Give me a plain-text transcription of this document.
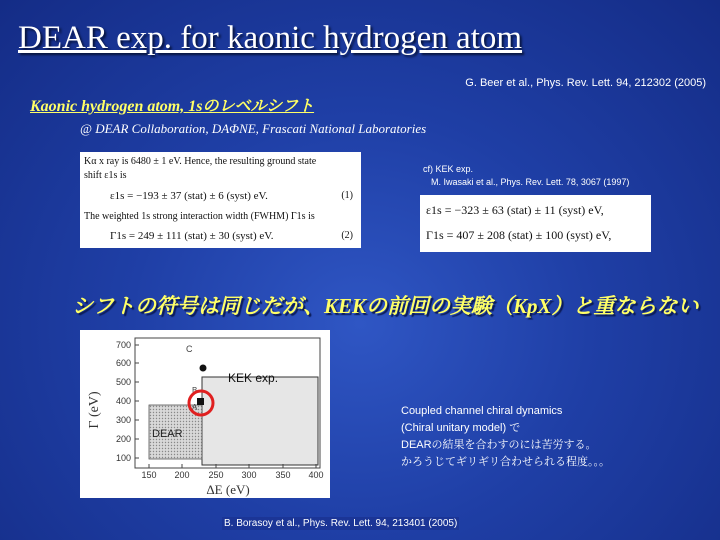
DEAR exp. for kaonic hydrogen atom
G. Beer et al., Phys. Rev. Lett. 94, 212302 (2005)
Kaonic hydrogen atom, 1sのレベルシフト
@ DEAR Collaboration, DAΦNE, Frascati National Laboratories
Kα x ray is 6480 ± 1 eV. Hence, the resulting ground state
shift ε1s is
ε1s = −193 ± 37 (stat) ± 6 (syst) eV.	(1)
The weighted 1s strong interaction width (FWHM) Γ1s is
Γ1s = 249 ± 111 (stat) ± 30 (syst) eV.	(2)
cf) KEK exp.
M. Iwasaki et al., Phys. Rev. Lett. 78, 3067 (1997)
ε1s = −323 ± 63 (stat) ± 11 (syst) eV,
Γ1s = 407 ± 208 (stat) ± 100 (syst) eV,
シフトの符号は同じだが、KEKの前回の実験（KpX）と重ならない
700
600
500
400
300
200
100
150 200 250 300 350 400
Γ (eV)
ΔE (eV)
C
B
A
KEK exp.
DEAR
Coupled channel chiral dynamics
(Chiral unitary model) で
DEARの結果を合わすのには苦労する。
かろうじてギリギリ合わせられる程度。。。
B. Borasoy et al., Phys. Rev. Lett. 94, 213401 (2005)
